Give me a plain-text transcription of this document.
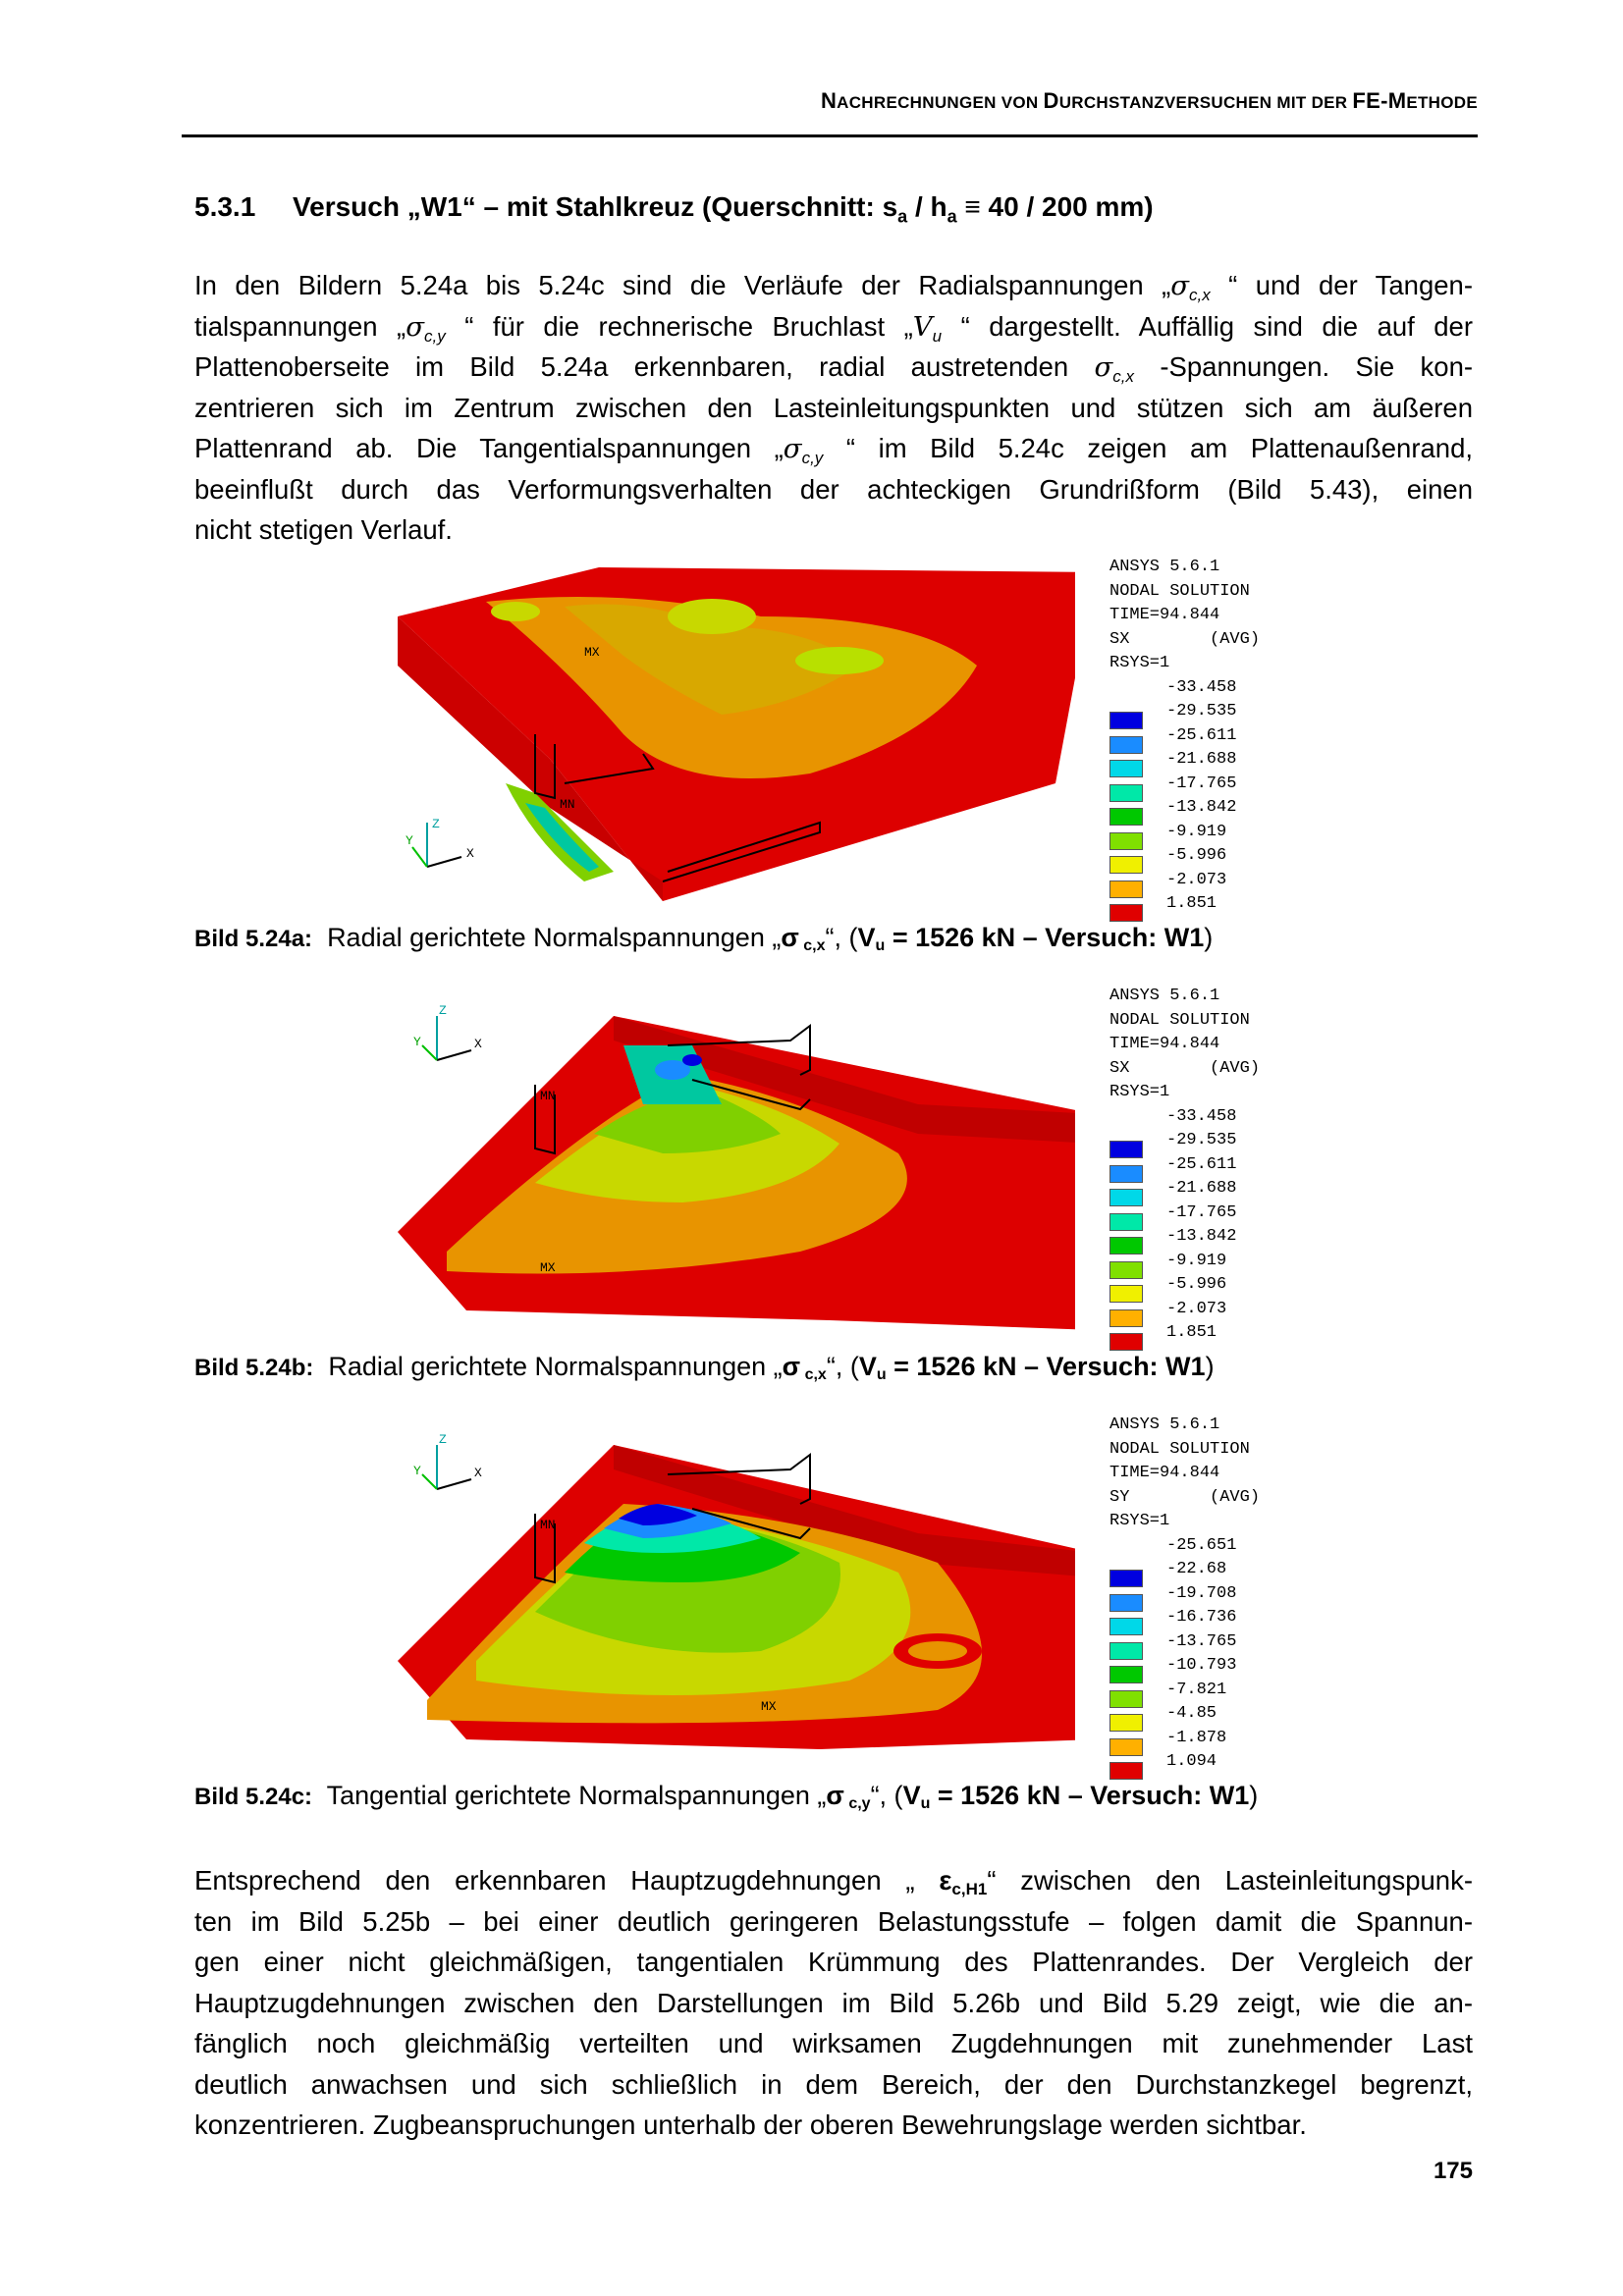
NACHRECHNUNGEN VON DURCHSTANZVERSUCHEN MIT DER FE-METHODE
5.3.1 Versuch „W1“ – mit Stahlkreuz (Querschnitt: $s_a / h_a \equiv 40 / 200$ mm)
In den Bildern 5.24a bis 5.24c sind die Verläufe der Radialspannungen $„\sigma_{c,x}$ “ und der Tangen-
tialspannungen $„\sigma_{c,y}$ “ für die rechnerische Bruchlast $„V_u$ “ dargestellt. Auffällig sind die auf der
Plattenoberseite im Bild 5.24a erkennbaren, radial austretenden $\sigma_{c,x}$ -Spannungen. Sie kon-
zentrieren sich im Zentrum zwischen den Lasteinleitungspunkten und stützen sich am äußeren
Plattenrand ab. Die Tangentialspannungen $„\sigma_{c,y}$ “ im Bild 5.24c zeigen am Plattenaußenrand,
beeinflußt durch das Verformungsverhalten der achteckigen Grundrißform (Bild 5.43), einen
nicht stetigen Verlauf.
MX
MN
Z
X
Y
ANSYS 5.6.1
NODAL SOLUTION
TIME=94.844
SX	(AVG)
RSYS=1
-33.458
-29.535
-25.611
-21.688
-17.765
-13.842
-9.919
-5.996
-2.073
1.851
Bild 5.24a: Radial gerichtete Normalspannungen „σ c,x“, (Vu = 1526 kN – Versuch: W1)
MN
MX
Z
X
Y
ANSYS 5.6.1
NODAL SOLUTION
TIME=94.844
SX	(AVG)
RSYS=1
-33.458
-29.535
-25.611
-21.688
-17.765
-13.842
-9.919
-5.996
-2.073
1.851
Bild 5.24b: Radial gerichtete Normalspannungen „σ c,x“, (Vu = 1526 kN – Versuch: W1)
MN
MX
Z
X
Y
ANSYS 5.6.1
NODAL SOLUTION
TIME=94.844
SY	(AVG)
RSYS=1
-25.651
-22.68
-19.708
-16.736
-13.765
-10.793
-7.821
-4.85
-1.878
1.094
Bild 5.24c: Tangential gerichtete Normalspannungen „σ c,y“, (Vu = 1526 kN – Versuch: W1)
Entsprechend den erkennbaren Hauptzugdehnungen „ εc,H1“ zwischen den Lasteinleitungspunk-
ten im Bild 5.25b – bei einer deutlich geringeren Belastungsstufe – folgen damit die Spannun-
gen einer nicht gleichmäßigen, tangentialen Krümmung des Plattenrandes. Der Vergleich der
Hauptzugdehnungen zwischen den Darstellungen im Bild 5.26b und Bild 5.29 zeigt, wie die an-
fänglich noch gleichmäßig verteilten und wirksamen Zugdehnungen mit zunehmender Last
deutlich anwachsen und sich schließlich in dem Bereich, der den Durchstanzkegel begrenzt,
konzentrieren. Zugbeanspruchungen unterhalb der oberen Bewehrungslage werden sichtbar.
175
